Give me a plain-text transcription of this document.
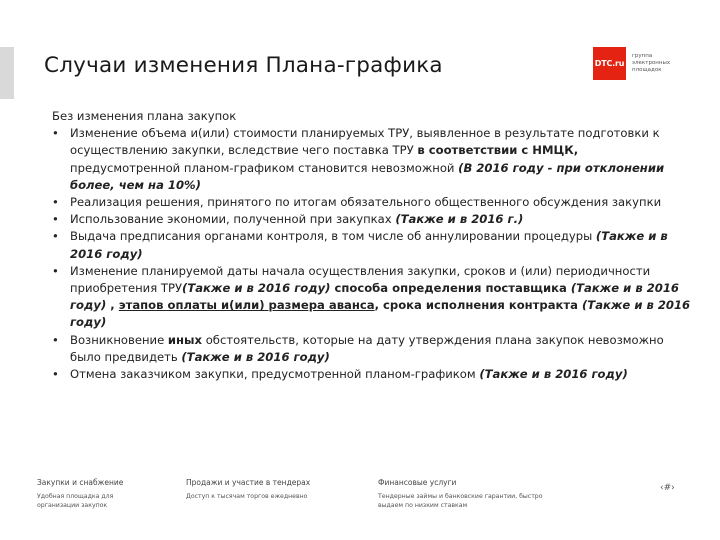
Случаи изменения Плана-графика	DTC.ru
группа электронных площадок
Без изменения плана закупок
• Изменение объема и(или) стоимости планируемых ТРУ, выявленное в результате подготовки к осуществлению закупки, вследствие чего поставка ТРУ в соответствии с НМЦК, предусмотренной планом-графиком становится невозможной (В 2016 году - при отклонении более, чем на 10%)
• Реализация решения, принятого по итогам обязательного общественного обсуждения закупки
• Использование экономии, полученной при закупках (Также и в 2016 г.)
• Выдача предписания органами контроля, в том числе об аннулировании процедуры (Также и в 2016 году)
• Изменение планируемой даты начала осуществления закупки, сроков и (или) периодичности приобретения ТРУ(Также и в 2016 году) способа определения поставщика (Также и в 2016 году) , этапов оплаты и(или) размера аванса, срока исполнения контракта (Также и в 2016 году)
• Возникновение иных обстоятельств, которые на дату утверждения плана закупок невозможно было предвидеть (Также и в 2016 году)
• Отмена заказчиком закупки, предусмотренной планом-графиком (Также и в 2016 году)
Закупки и снабжение
Удобная площадка для организации закупок
Продажи и участие в тендерах
Доступ к тысячам торгов ежедневно
Финансовые услуги
Тендерные займы и банковские гарантии, быстро выдаем по низким ставкам
‹#›
